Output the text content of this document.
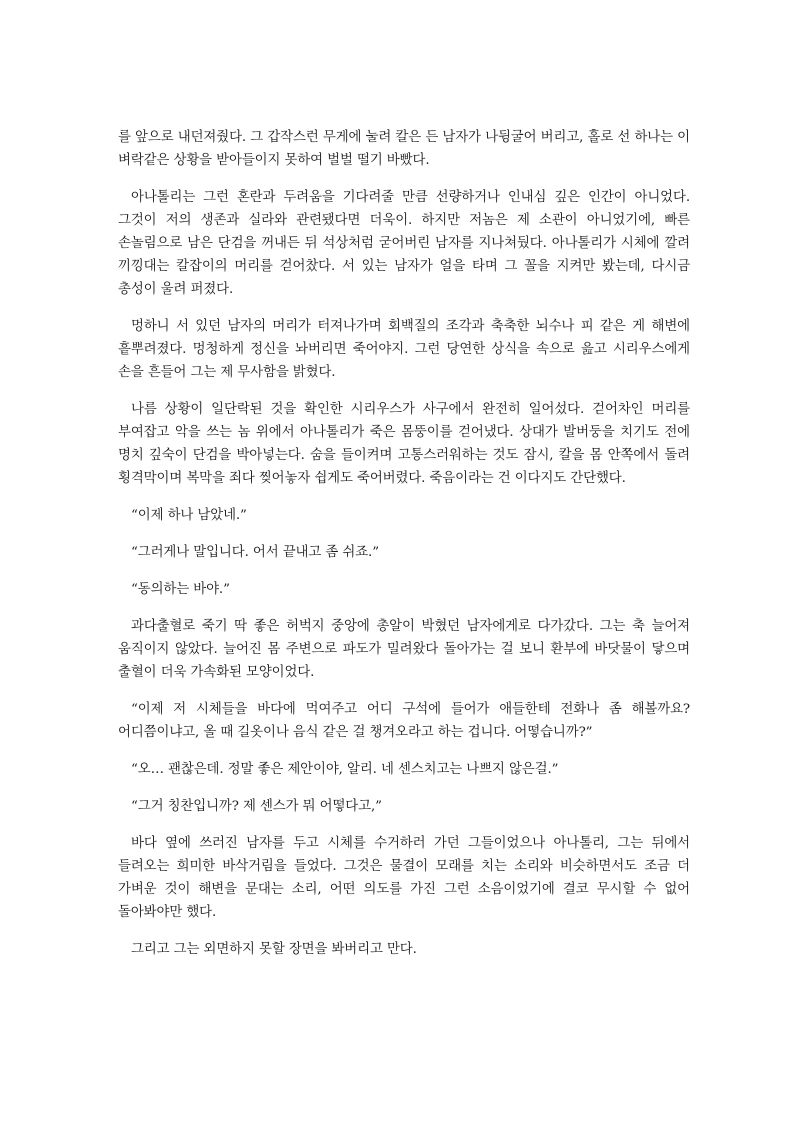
를 앞으로 내던져줬다. 그 갑작스런 무게에 눌려 칼은 든 남자가 나뒹굴어 버리고, 홀로 선 하나는 이 벼락같은 상황을 받아들이지 못하여 벌벌 떨기 바빴다.

아나톨리는 그런 혼란과 두려움을 기다려줄 만큼 선량하거나 인내심 깊은 인간이 아니었다. 그것이 저의 생존과 실라와 관련됐다면 더욱이. 하지만 저놈은 제 소관이 아니었기에, 빠른 손놀림으로 남은 단검을 꺼내든 뒤 석상처럼 굳어버린 남자를 지나쳐뒀다. 아나톨리가 시체에 깔려 끼낑대는 칼잡이의 머리를 걷어찼다. 서 있는 남자가 얼을 타며 그 꼴을 지켜만 봤는데, 다시금 총성이 울려 퍼졌다.

멍하니 서 있던 남자의 머리가 터져나가며 회백질의 조각과 축축한 뇌수나 피 같은 게 해변에 흩뿌려졌다. 멍청하게 정신을 놔버리면 죽어야지. 그런 당연한 상식을 속으로 읊고 시리우스에게 손을 흔들어 그는 제 무사함을 밝혔다.

나름 상황이 일단락된 것을 확인한 시리우스가 사구에서 완전히 일어섰다. 걷어차인 머리를 부여잡고 악을 쓰는 놈 위에서 아나톨리가 죽은 몸뚱이를 걷어냈다. 상대가 발버둥을 치기도 전에 명치 깊숙이 단검을 박아넣는다. 숨을 들이켜며 고통스러워하는 것도 잠시, 칼을 몸 안쪽에서 돌려 횡격막이며 복막을 죄다 찢어놓자 쉽게도 죽어버렸다. 죽음이라는 건 이다지도 간단했다.

“이제 하나 남았네.”

“그러게나 말입니다. 어서 끝내고 좀 쉬죠.”

“동의하는 바야.”

과다출혈로 죽기 딱 좋은 허벅지 중앙에 총알이 박혔던 남자에게로 다가갔다. 그는 축 늘어져 움직이지 않았다. 늘어진 몸 주변으로 파도가 밀려왔다 돌아가는 걸 보니 환부에 바닷물이 닿으며 출혈이 더욱 가속화된 모양이었다.

“이제 저 시체들을 바다에 먹여주고 어디 구석에 들어가 애들한테 전화나 좀 해볼까요? 어디쯤이냐고, 올 때 길옷이나 음식 같은 걸 챙겨오라고 하는 겁니다. 어떻습니까?”

“오… 괜찮은데. 정말 좋은 제안이야, 알리. 네 센스치고는 나쁘지 않은걸.”

“그거 칭찬입니까? 제 센스가 뭐 어떻다고,”

바다 옆에 쓰러진 남자를 두고 시체를 수거하러 가던 그들이었으나 아나톨리, 그는 뒤에서 들려오는 희미한 바삭거림을 들었다. 그것은 물결이 모래를 치는 소리와 비슷하면서도 조금 더 가벼운 것이 해변을 문대는 소리, 어떤 의도를 가진 그런 소음이었기에 결코 무시할 수 없어 돌아봐야만 했다.

그리고 그는 외면하지 못할 장면을 봐버리고 만다.
